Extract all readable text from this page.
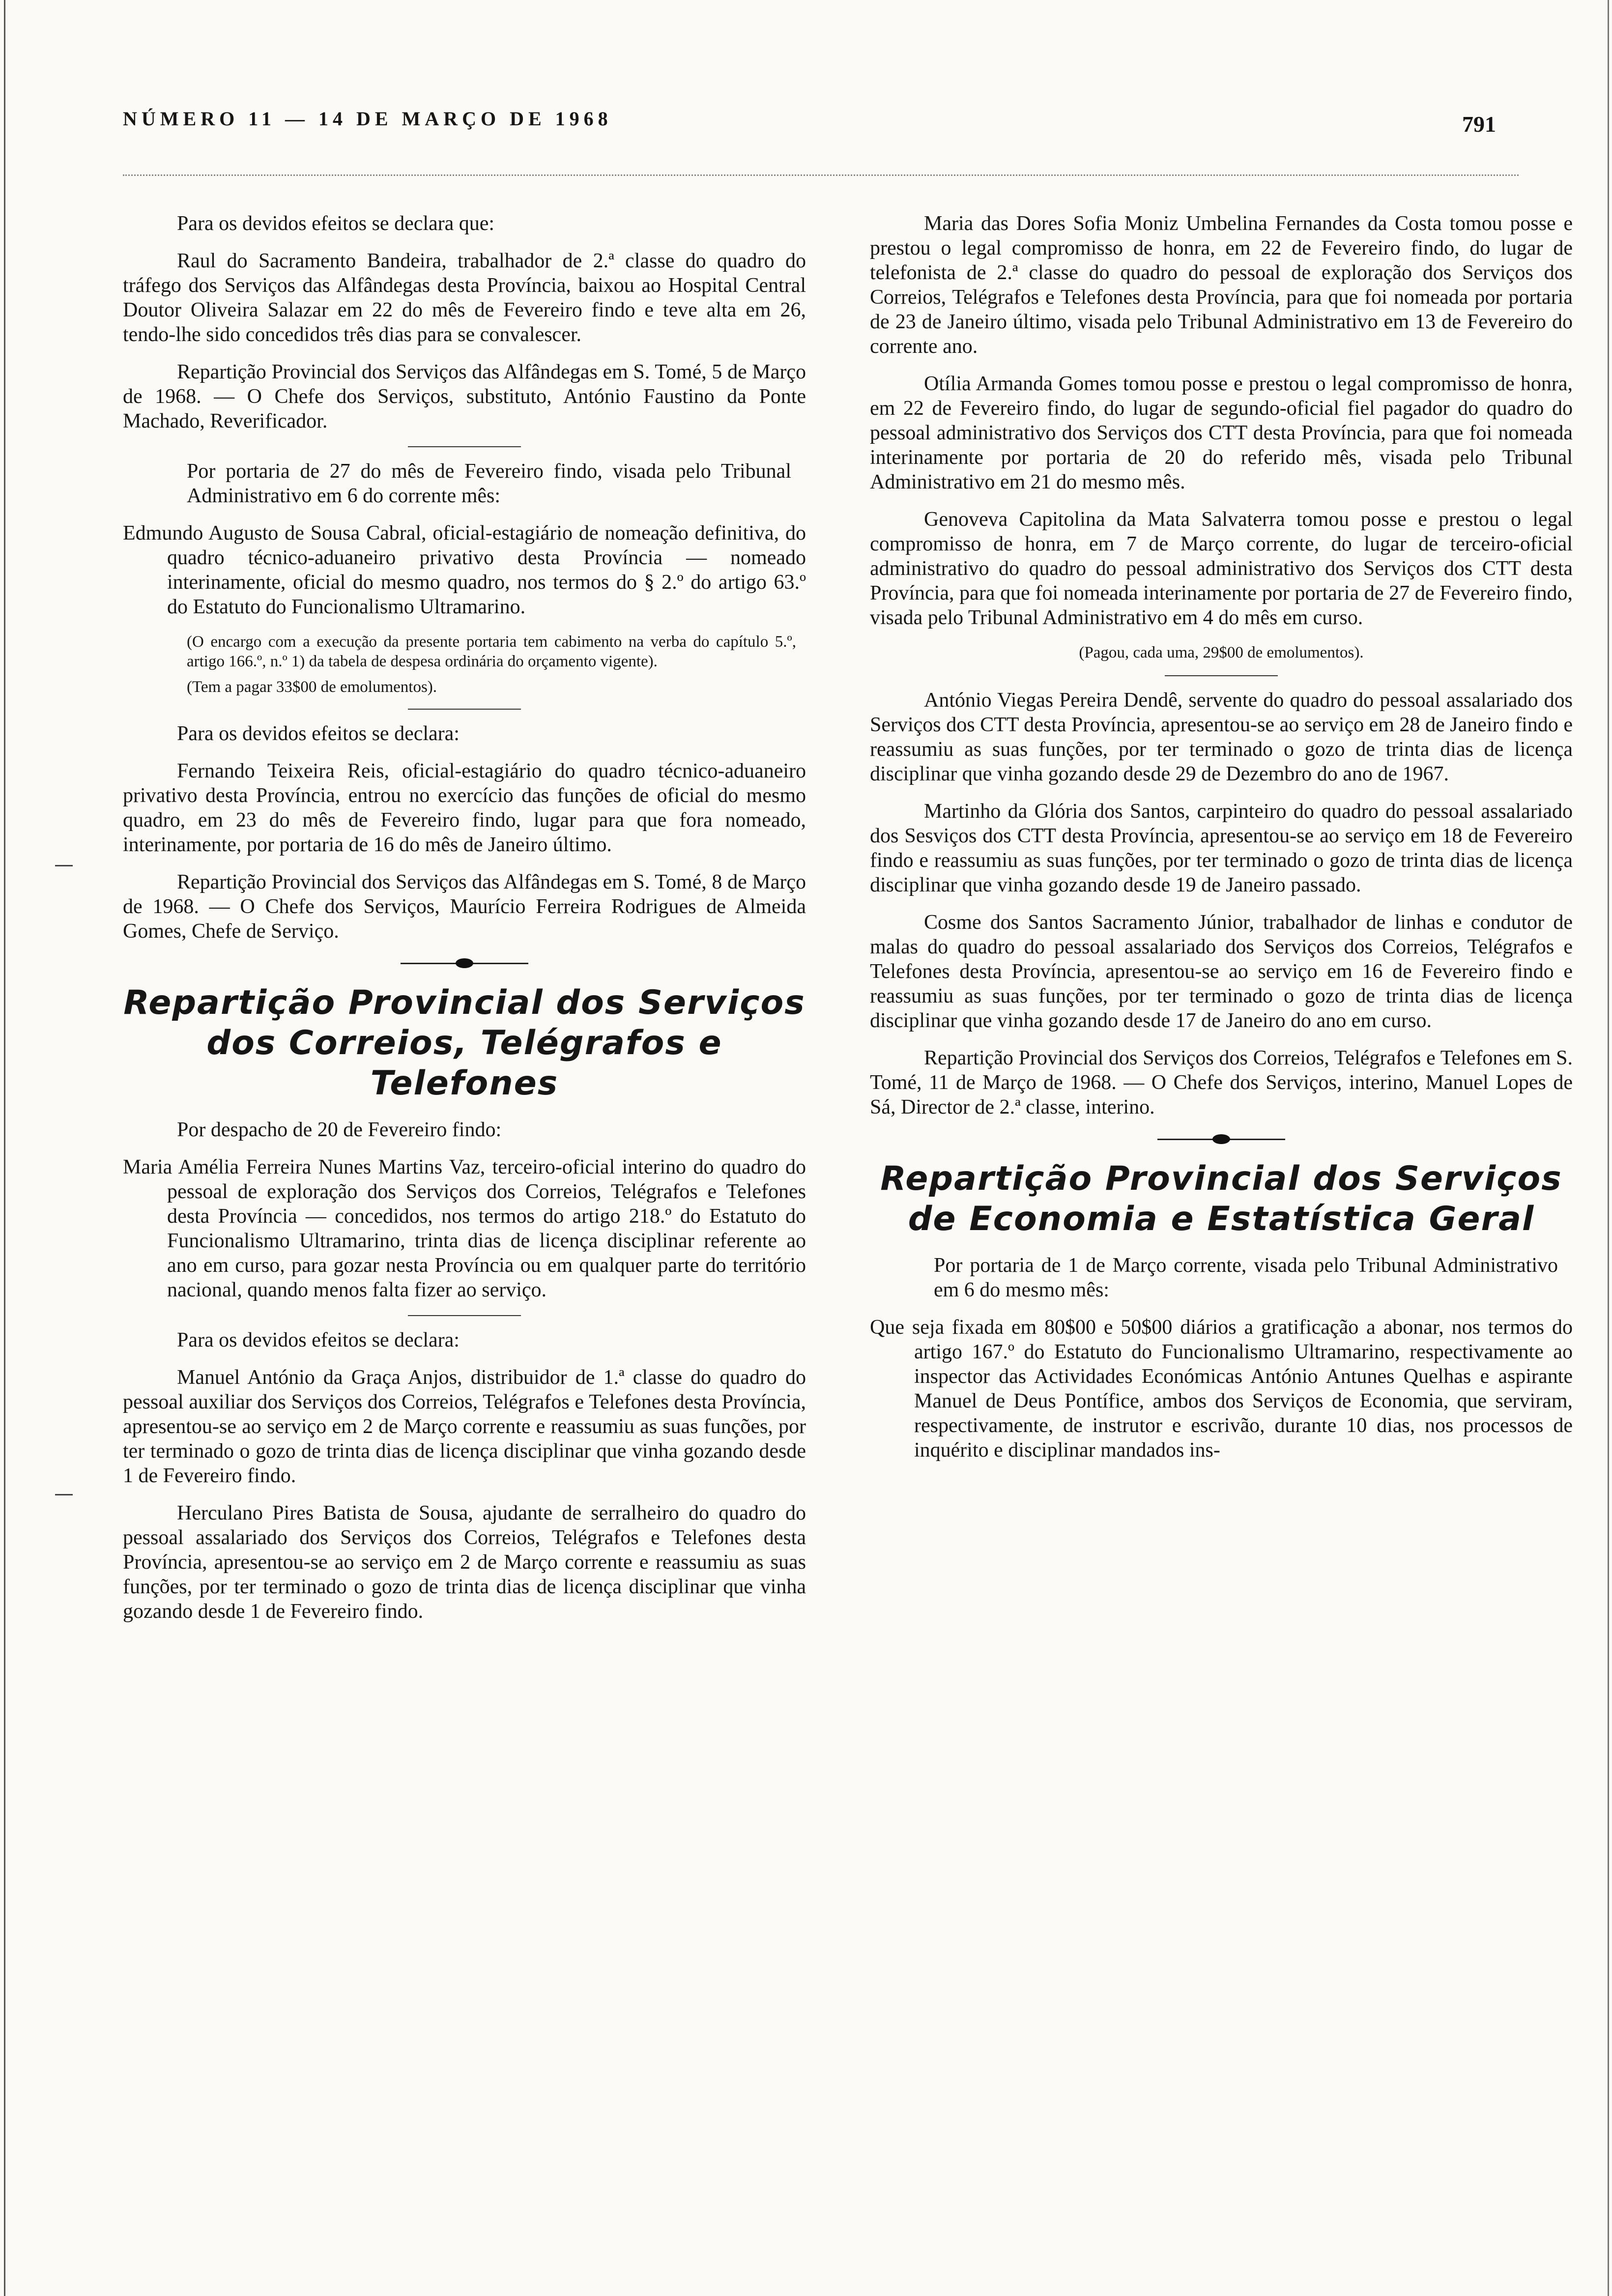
NÚMERO 11 — 14 DE MARÇO DE 1968	791

Para os devidos efeitos se declara que:

Raul do Sacramento Bandeira, trabalhador de 2.ª classe do quadro do tráfego dos Serviços das Alfândegas desta Província, baixou ao Hospital Central Doutor Oliveira Salazar em 22 do mês de Fevereiro findo e teve alta em 26, tendo-lhe sido concedidos três dias para se convalescer.

Repartição Provincial dos Serviços das Alfândegas em S. Tomé, 5 de Março de 1968. — O Chefe dos Serviços, substituto, António Faustino da Ponte Machado, Reverificador.

Por portaria de 27 do mês de Fevereiro findo, visada pelo Tribunal Administrativo em 6 do corrente mês:

Edmundo Augusto de Sousa Cabral, oficial-estagiário de nomeação definitiva, do quadro técnico-aduaneiro privativo desta Província — nomeado interinamente, oficial do mesmo quadro, nos termos do § 2.º do artigo 63.º do Estatuto do Funcionalismo Ultramarino.

(O encargo com a execução da presente portaria tem cabimento na verba do capítulo 5.º, artigo 166.º, n.º 1) da tabela de despesa ordinária do orçamento vigente).

(Tem a pagar 33$00 de emolumentos).

Para os devidos efeitos se declara:

Fernando Teixeira Reis, oficial-estagiário do quadro técnico-aduaneiro privativo desta Província, entrou no exercício das funções de oficial do mesmo quadro, em 23 do mês de Fevereiro findo, lugar para que fora nomeado, interinamente, por portaria de 16 do mês de Janeiro último.

Repartição Provincial dos Serviços das Alfândegas em S. Tomé, 8 de Março de 1968. — O Chefe dos Serviços, Maurício Ferreira Rodrigues de Almeida Gomes, Chefe de Serviço.

Repartição Provincial dos Serviços dos Correios, Telégrafos e Telefones

Por despacho de 20 de Fevereiro findo:

Maria Amélia Ferreira Nunes Martins Vaz, terceiro-oficial interino do quadro do pessoal de exploração dos Serviços dos Correios, Telégrafos e Telefones desta Província — concedidos, nos termos do artigo 218.º do Estatuto do Funcionalismo Ultramarino, trinta dias de licença disciplinar referente ao ano em curso, para gozar nesta Província ou em qualquer parte do território nacional, quando menos falta fizer ao serviço.

Para os devidos efeitos se declara:

Manuel António da Graça Anjos, distribuidor de 1.ª classe do quadro do pessoal auxiliar dos Serviços dos Correios, Telégrafos e Telefones desta Província, apresentou-se ao serviço em 2 de Março corrente e reassumiu as suas funções, por ter terminado o gozo de trinta dias de licença disciplinar que vinha gozando desde 1 de Fevereiro findo.

Herculano Pires Batista de Sousa, ajudante de serralheiro do quadro do pessoal assalariado dos Serviços dos Correios, Telégrafos e Telefones desta Província, apresentou-se ao serviço em 2 de Março corrente e reassumiu as suas funções, por ter terminado o gozo de trinta dias de licença disciplinar que vinha gozando desde 1 de Fevereiro findo.

Maria das Dores Sofia Moniz Umbelina Fernandes da Costa tomou posse e prestou o legal compromisso de honra, em 22 de Fevereiro findo, do lugar de telefonista de 2.ª classe do quadro do pessoal de exploração dos Serviços dos Correios, Telégrafos e Telefones desta Província, para que foi nomeada por portaria de 23 de Janeiro último, visada pelo Tribunal Administrativo em 13 de Fevereiro do corrente ano.

Otília Armanda Gomes tomou posse e prestou o legal compromisso de honra, em 22 de Fevereiro findo, do lugar de segundo-oficial fiel pagador do quadro do pessoal administrativo dos Serviços dos CTT desta Província, para que foi nomeada interinamente por portaria de 20 do referido mês, visada pelo Tribunal Administrativo em 21 do mesmo mês.

Genoveva Capitolina da Mata Salvaterra tomou posse e prestou o legal compromisso de honra, em 7 de Março corrente, do lugar de terceiro-oficial administrativo do quadro do pessoal administrativo dos Serviços dos CTT desta Província, para que foi nomeada interinamente por portaria de 27 de Fevereiro findo, visada pelo Tribunal Administrativo em 4 do mês em curso.

(Pagou, cada uma, 29$00 de emolumentos).

António Viegas Pereira Dendê, servente do quadro do pessoal assalariado dos Serviços dos CTT desta Província, apresentou-se ao serviço em 28 de Janeiro findo e reassumiu as suas funções, por ter terminado o gozo de trinta dias de licença disciplinar que vinha gozando desde 29 de Dezembro do ano de 1967.

Martinho da Glória dos Santos, carpinteiro do quadro do pessoal assalariado dos Sesviços dos CTT desta Província, apresentou-se ao serviço em 18 de Fevereiro findo e reassumiu as suas funções, por ter terminado o gozo de trinta dias de licença disciplinar que vinha gozando desde 19 de Janeiro passado.

Cosme dos Santos Sacramento Júnior, trabalhador de linhas e condutor de malas do quadro do pessoal assalariado dos Serviços dos Correios, Telégrafos e Telefones desta Província, apresentou-se ao serviço em 16 de Fevereiro findo e reassumiu as suas funções, por ter terminado o gozo de trinta dias de licença disciplinar que vinha gozando desde 17 de Janeiro do ano em curso.

Repartição Provincial dos Serviços dos Correios, Telégrafos e Telefones em S. Tomé, 11 de Março de 1968. — O Chefe dos Serviços, interino, Manuel Lopes de Sá, Director de 2.ª classe, interino.

Repartição Provincial dos Serviços de Economia e Estatística Geral

Por portaria de 1 de Março corrente, visada pelo Tribunal Administrativo em 6 do mesmo mês:

Que seja fixada em 80$00 e 50$00 diários a gratificação a abonar, nos termos do artigo 167.º do Estatuto do Funcionalismo Ultramarino, respectivamente ao inspector das Actividades Económicas António Antunes Quelhas e aspirante Manuel de Deus Pontífice, ambos dos Serviços de Economia, que serviram, respectivamente, de instrutor e escrivão, durante 10 dias, nos processos de inquérito e disciplinar mandados ins-
